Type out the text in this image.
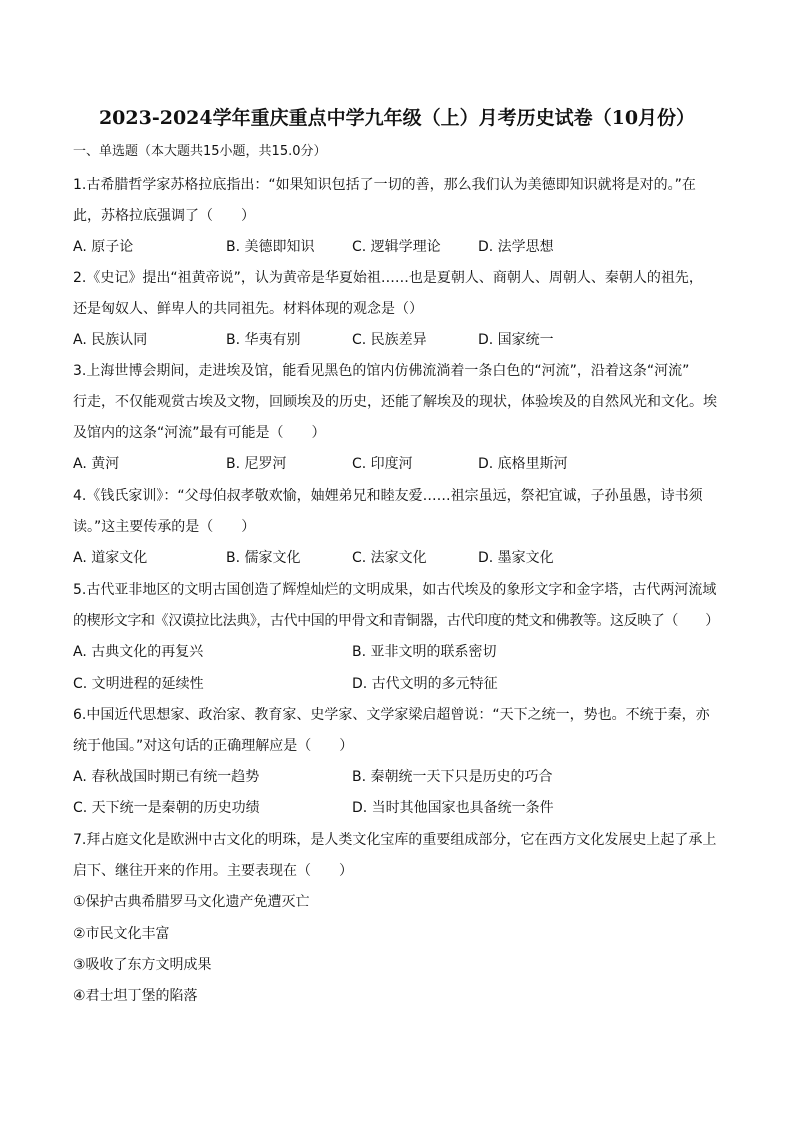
2023-2024学年重庆重点中学九年级（上）月考历史试卷（10月份）
一、单选题（本大题共15小题，共15.0分）
1.古希腊哲学家苏格拉底指出：“如果知识包括了一切的善，那么我们认为美德即知识就将是对的。”在
此，苏格拉底强调了（　　）
A. 原子论	B. 美德即知识	C. 逻辑学理论	D. 法学思想
2.《史记》提出“祖黄帝说”，认为黄帝是华夏始祖……也是夏朝人、商朝人、周朝人、秦朝人的祖先，
还是匈奴人、鲜卑人的共同祖先。材料体现的观念是（）
A. 民族认同	B. 华夷有别	C. 民族差异	D. 国家统一
3.上海世博会期间，走进埃及馆，能看见黑色的馆内仿佛流淌着一条白色的“河流”，沿着这条“河流”
行走，不仅能观赏古埃及文物，回顾埃及的历史，还能了解埃及的现状，体验埃及的自然风光和文化。埃
及馆内的这条“河流”最有可能是（　　）
A. 黄河	B. 尼罗河	C. 印度河	D. 底格里斯河
4.《钱氏家训》：“父母伯叔孝敬欢愉，妯娌弟兄和睦友爱……祖宗虽远，祭祀宜诚，子孙虽愚，诗书须
读。”这主要传承的是（　　）
A. 道家文化	B. 儒家文化	C. 法家文化	D. 墨家文化
5.古代亚非地区的文明古国创造了辉煌灿烂的文明成果，如古代埃及的象形文字和金字塔，古代两河流域
的楔形文字和《汉谟拉比法典》，古代中国的甲骨文和青铜器，古代印度的梵文和佛教等。这反映了（　　）
A. 古典文化的再复兴	B. 亚非文明的联系密切
C. 文明进程的延续性	D. 古代文明的多元特征
6.中国近代思想家、政治家、教育家、史学家、文学家梁启超曾说：“天下之统一，势也。不统于秦，亦
统于他国。”对这句话的正确理解应是（　　）
A. 春秋战国时期已有统一趋势	B. 秦朝统一天下只是历史的巧合
C. 天下统一是秦朝的历史功绩	D. 当时其他国家也具备统一条件
7.拜占庭文化是欧洲中古文化的明珠，是人类文化宝库的重要组成部分，它在西方文化发展史上起了承上
启下、继往开来的作用。主要表现在（　　）
①保护古典希腊罗马文化遗产免遭灭亡
②市民文化丰富
③吸收了东方文明成果
④君士坦丁堡的陷落
